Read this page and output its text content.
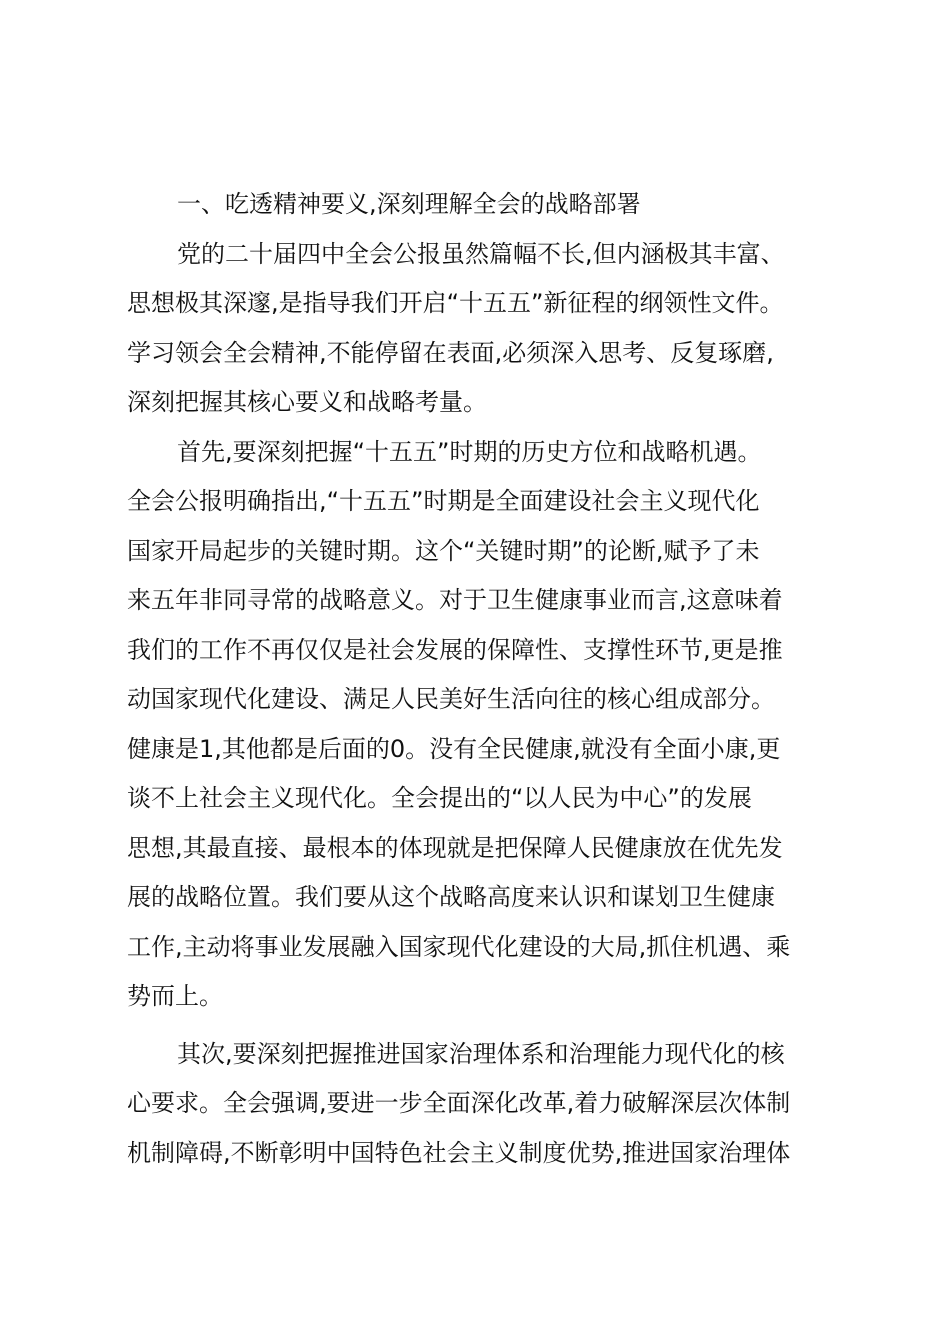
一、吃透精神要义,深刻理解全会的战略部署
党的二十届四中全会公报虽然篇幅不长,但内涵极其丰富、
思想极其深邃,是指导我们开启“十五五”新征程的纲领性文件。
学习领会全会精神,不能停留在表面,必须深入思考、反复琢磨,
深刻把握其核心要义和战略考量。
首先,要深刻把握“十五五”时期的历史方位和战略机遇。
全会公报明确指出,“十五五”时期是全面建设社会主义现代化
国家开局起步的关键时期。这个“关键时期”的论断,赋予了未
来五年非同寻常的战略意义。对于卫生健康事业而言,这意味着
我们的工作不再仅仅是社会发展的保障性、支撑性环节,更是推
动国家现代化建设、满足人民美好生活向往的核心组成部分。
健康是1,其他都是后面的0。没有全民健康,就没有全面小康,更
谈不上社会主义现代化。全会提出的“以人民为中心”的发展
思想,其最直接、最根本的体现就是把保障人民健康放在优先发
展的战略位置。我们要从这个战略高度来认识和谋划卫生健康
工作,主动将事业发展融入国家现代化建设的大局,抓住机遇、乘
势而上。
其次,要深刻把握推进国家治理体系和治理能力现代化的核
心要求。全会强调,要进一步全面深化改革,着力破解深层次体制
机制障碍,不断彰明中国特色社会主义制度优势,推进国家治理体
